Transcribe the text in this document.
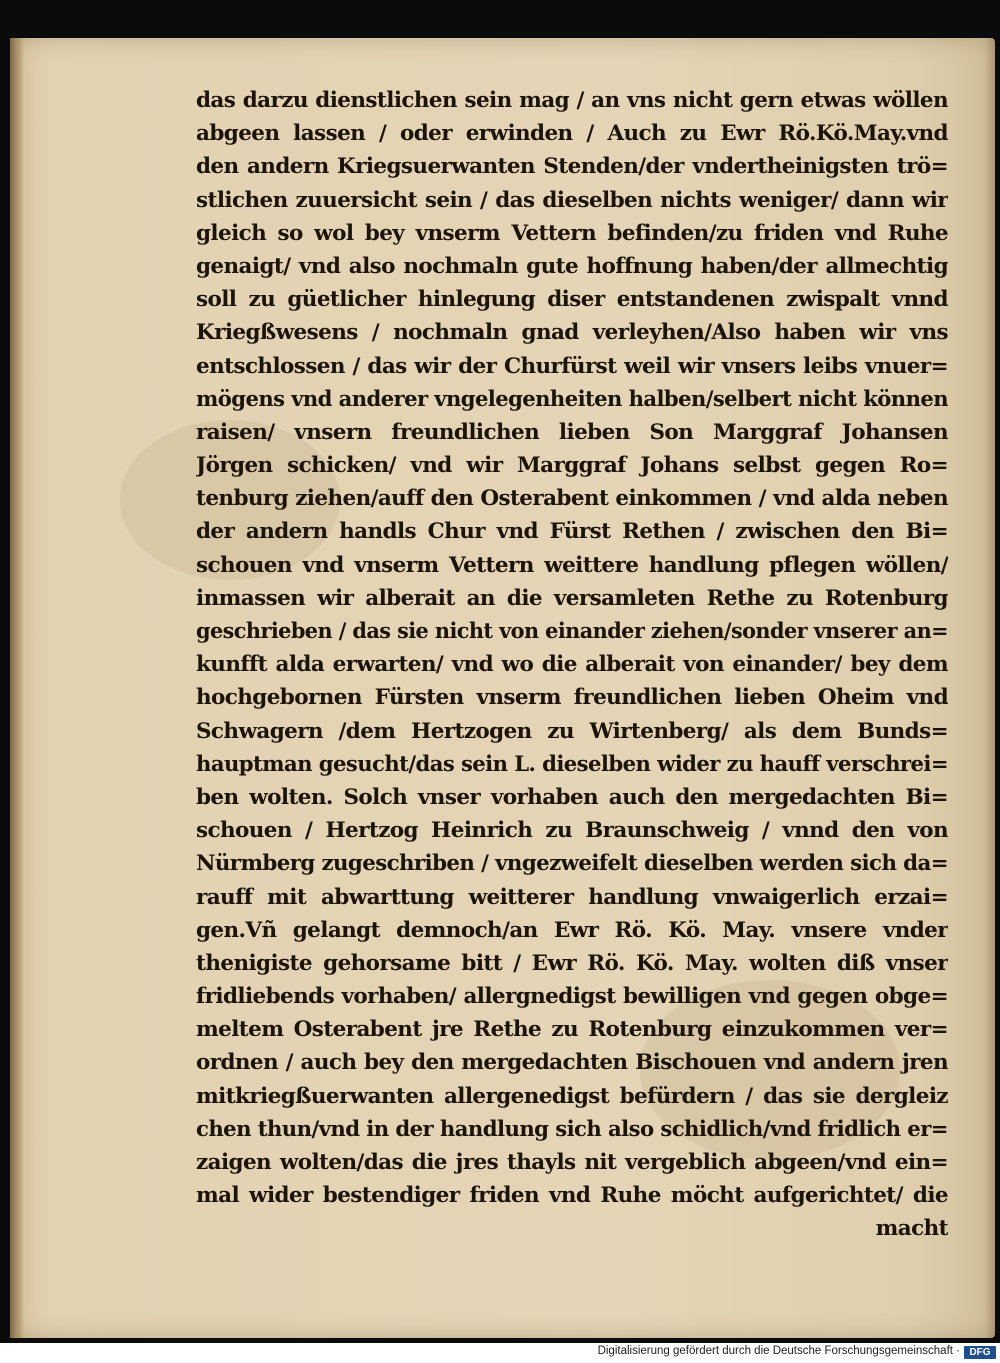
das darzu dienstlichen sein mag / an vns nicht gern etwas wöllen
abgeen lassen / oder erwinden / Auch zu Ewr Rö.Kö.May.vnd
den andern Kriegsuerwanten Stenden/der vndertheinigsten trö=
stlichen zuuersicht sein / das dieselben nichts weniger/ dann wir
gleich so wol bey vnserm Vettern befinden/zu friden vnd Ruhe
genaigt/ vnd also nochmaln gute hoffnung haben/der allmechtig
soll zu güetlicher hinlegung diser entstandenen zwispalt vnnd
Kriegßwesens / nochmaln gnad verleyhen/Also haben wir vns
entschlossen / das wir der Churfürst weil wir vnsers leibs vnuer=
mögens vnd anderer vngelegenheiten halben/selbert nicht können
raisen/ vnsern freundlichen lieben Son Marggraf Johansen
Jörgen schicken/ vnd wir Marggraf Johans selbst gegen Ro=
tenburg ziehen/auff den Osterabent einkommen / vnd alda neben
der andern handls Chur vnd Fürst Rethen / zwischen den Bi=
schouen vnd vnserm Vettern weittere handlung pflegen wöllen/
inmassen wir alberait an die versamleten Rethe zu Rotenburg
geschrieben / das sie nicht von einander ziehen/sonder vnserer an=
kunfft alda erwarten/ vnd wo die alberait von einander/ bey dem
hochgebornen Fürsten vnserm freundlichen lieben Oheim vnd
Schwagern /dem Hertzogen zu Wirtenberg/ als dem Bunds=
hauptman gesucht/das sein L. dieselben wider zu hauff verschrei=
ben wolten. Solch vnser vorhaben auch den mergedachten Bi=
schouen / Hertzog Heinrich zu Braunschweig / vnnd den von
Nürmberg zugeschriben / vngezweifelt dieselben werden sich da=
rauff mit abwarttung weitterer handlung vnwaigerlich erzai=
gen.Vñ gelangt demnoch/an Ewr Rö. Kö. May. vnsere vnder
thenigiste gehorsame bitt / Ewr Rö. Kö. May. wolten diß vnser
fridliebends vorhaben/ allergnedigst bewilligen vnd gegen obge=
meltem Osterabent jre Rethe zu Rotenburg einzukommen ver=
ordnen / auch bey den mergedachten Bischouen vnd andern jren
mitkriegßuerwanten allergenedigst befürdern / das sie dergleiz
chen thun/vnd in der handlung sich also schidlich/vnd fridlich er=
zaigen wolten/das die jres thayls nit vergeblich abgeen/vnd ein=
mal wider bestendiger friden vnd Ruhe möcht aufgerichtet/ die
macht
Digitalisierung gefördert durch die Deutsche Forschungsgemeinschaft · DFG
